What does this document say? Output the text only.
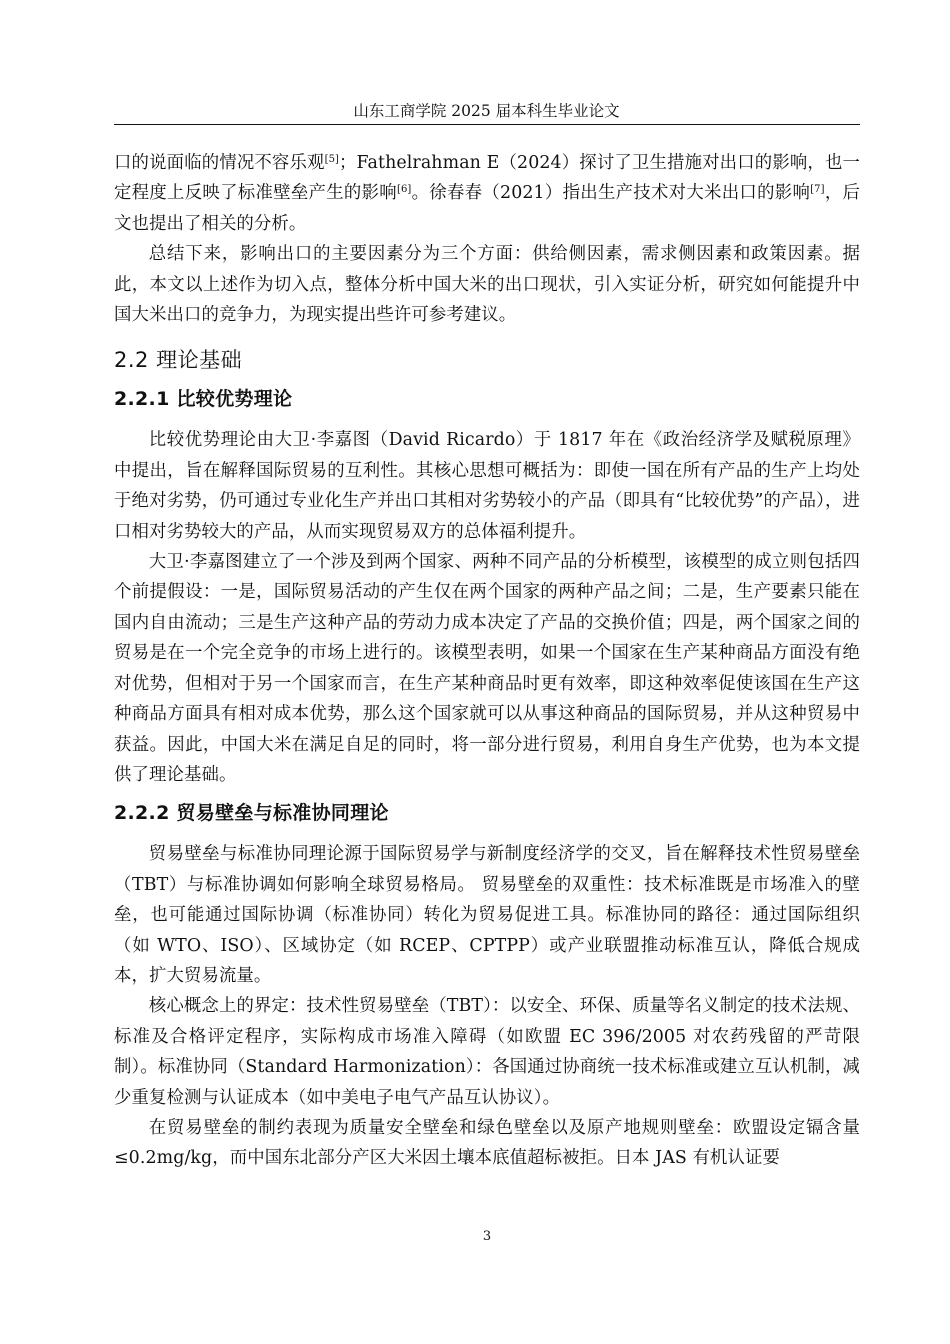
山东工商学院 2025 届本科生毕业论文

口的说面临的情况不容乐观[5]；Fathelrahman E（2024）探讨了卫生措施对出口的影响，也一定程度上反映了标准壁垒产生的影响[6]。徐春春（2021）指出生产技术对大米出口的影响[7]，后文也提出了相关的分析。

总结下来，影响出口的主要因素分为三个方面：供给侧因素，需求侧因素和政策因素。据此，本文以上述作为切入点，整体分析中国大米的出口现状，引入实证分析，研究如何能提升中国大米出口的竞争力，为现实提出些许可参考建议。

2.2 理论基础
2.2.1 比较优势理论

比较优势理论由大卫·李嘉图（David Ricardo）于 1817 年在《政治经济学及赋税原理》中提出，旨在解释国际贸易的互利性。其核心思想可概括为：即使一国在所有产品的生产上均处于绝对劣势，仍可通过专业化生产并出口其相对劣势较小的产品（即具有“比较优势”的产品），进口相对劣势较大的产品，从而实现贸易双方的总体福利提升。

大卫·李嘉图建立了一个涉及到两个国家、两种不同产品的分析模型，该模型的成立则包括四个前提假设：一是，国际贸易活动的产生仅在两个国家的两种产品之间；二是，生产要素只能在国内自由流动；三是生产这种产品的劳动力成本决定了产品的交换价值；四是，两个国家之间的贸易是在一个完全竞争的市场上进行的。该模型表明，如果一个国家在生产某种商品方面没有绝对优势，但相对于另一个国家而言，在生产某种商品时更有效率，即这种效率促使该国在生产这种商品方面具有相对成本优势，那么这个国家就可以从事这种商品的国际贸易，并从这种贸易中获益。因此，中国大米在满足自足的同时，将一部分进行贸易，利用自身生产优势，也为本文提供了理论基础。

2.2.2 贸易壁垒与标准协同理论

贸易壁垒与标准协同理论源于国际贸易学与新制度经济学的交叉，旨在解释技术性贸易壁垒（TBT）与标准协调如何影响全球贸易格局。 贸易壁垒的双重性：技术标准既是市场准入的壁垒，也可能通过国际协调（标准协同）转化为贸易促进工具。标准协同的路径：通过国际组织（如 WTO、ISO）、区域协定（如 RCEP、CPTPP）或产业联盟推动标准互认，降低合规成本，扩大贸易流量。

核心概念上的界定：技术性贸易壁垒（TBT）：以安全、环保、质量等名义制定的技术法规、标准及合格评定程序，实际构成市场准入障碍（如欧盟 EC 396/2005 对农药残留的严苛限制）。标准协同（Standard Harmonization）：各国通过协商统一技术标准或建立互认机制，减少重复检测与认证成本（如中美电子电气产品互认协议）。

在贸易壁垒的制约表现为质量安全壁垒和绿色壁垒以及原产地规则壁垒：欧盟设定镉含量≤0.2mg/kg，而中国东北部分产区大米因土壤本底值超标被拒。日本 JAS 有机认证要

3
